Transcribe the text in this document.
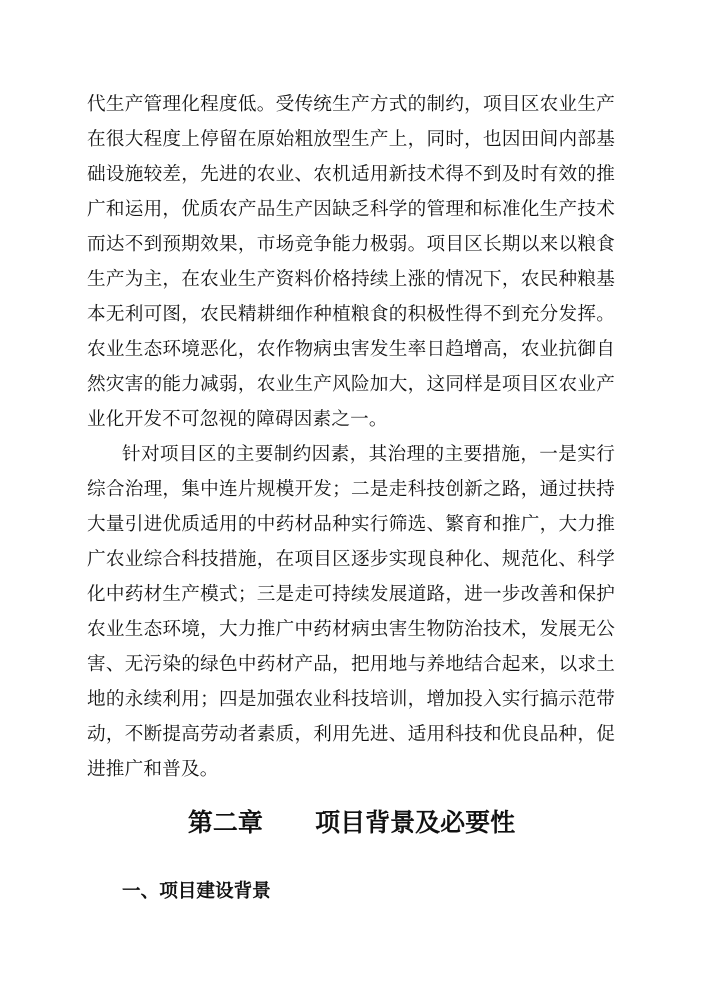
代生产管理化程度低。受传统生产方式的制约，项目区农业生产
在很大程度上停留在原始粗放型生产上，同时，也因田间内部基
础设施较差，先进的农业、农机适用新技术得不到及时有效的推
广和运用，优质农产品生产因缺乏科学的管理和标准化生产技术
而达不到预期效果，市场竞争能力极弱。项目区长期以来以粮食
生产为主，在农业生产资料价格持续上涨的情况下，农民种粮基
本无利可图，农民精耕细作种植粮食的积极性得不到充分发挥。
农业生态环境恶化，农作物病虫害发生率日趋增高，农业抗御自
然灾害的能力减弱，农业生产风险加大，这同样是项目区农业产
业化开发不可忽视的障碍因素之一。
针对项目区的主要制约因素，其治理的主要措施，一是实行
综合治理，集中连片规模开发；二是走科技创新之路，通过扶持
大量引进优质适用的中药材品种实行筛选、繁育和推广，大力推
广农业综合科技措施，在项目区逐步实现良种化、规范化、科学
化中药材生产模式；三是走可持续发展道路，进一步改善和保护
农业生态环境，大力推广中药材病虫害生物防治技术，发展无公
害、无污染的绿色中药材产品，把用地与养地结合起来，以求土
地的永续利用；四是加强农业科技培训，增加投入实行搞示范带
动，不断提高劳动者素质，利用先进、适用科技和优良品种，促
进推广和普及。
第二章      项目背景及必要性
一、项目建设背景
